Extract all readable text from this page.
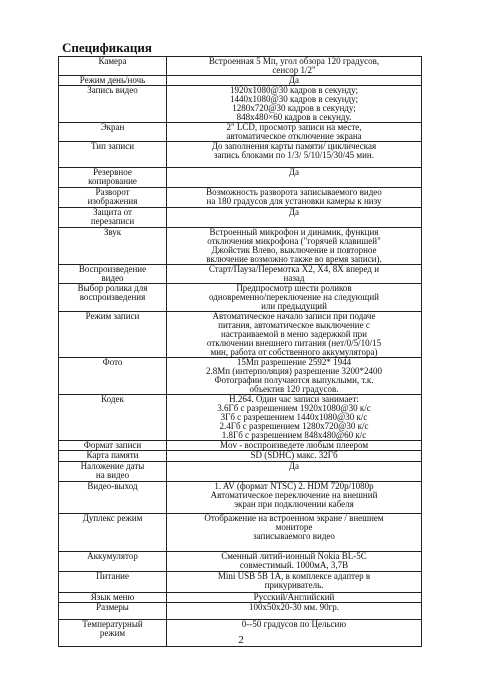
Спецификация
Камера	Встроенная 5 Мп, угол обзора 120 градусов,
сенсор 1/2"
Режим день/ночь	Да
Запись видео	1920x1080@30 кадров в секунду;
1440x1080@30 кадров в секунду;
1280x720@30 кадров в секунду;
848x480×60 кадров в секунду.
Экран	2" LCD, просмотр записи на месте,
автоматическое отключение экрана
Тип записи	До заполнения карты памяти/ циклическая
запись блоками по 1/3/ 5/10/15/30/45 мин.
Резервное
копирование	Да
Разворот
изображения	Возможность разворота записываемого видео
на 180 градусов для установки камеры к низу
Защита от
перезаписи	Да
Звук	Встроенный микрофон и динамик, функция
отключения микрофона ("горячей клавишей"
Джойстик Влево, выключение и повторное
включение возможно также во время записи).
Воспроизведение
видео	Старт/Пауза/Перемотка X2, X4, 8X вперед и
назад
Выбор ролика для
воспроизведения	Предпросмотр шести роликов
одновременно/переключение на следующий
или предыдущий
Режим записи	Автоматическое начало записи при подаче
питания, автоматическое выключение с
настраиваемой в меню задержкой при
отключении внешнего питания (нет/0/5/10/15
мин, работа от собственного аккумулятора)
Фото	15Мп разрешение 2592* 1944
2.8Мп (интерполяция) разрешение 3200*2400
Фотографии получаются выпуклыми, т.к.
объектив 120 градусов.
Кодек	H.264. Один час записи занимает:
3.6Гб с разрешением 1920x1080@30 к/с
3Гб с разрешением 1440x1080@30 к/с
2.4Гб с разрешением 1280x720@30 к/с
1.8Гб с разрешением 848x480@60 к/с
Формат записи	Mov - воспроизведете любым плеером
Карта памяти	SD (SDHC) макс. 32Гб
Наложение даты
на видео	Да
Видео-выход	1. AV (формат NTSC) 2. HDM 720р/1080р
Автоматическое переключение на внешний
экран при подключении кабеля
Дуплекс режим	Отображение на встроенном экране / внешнем
мониторе
записываемого видео
Аккумулятор	Сменный литий-ионный Nokia BL-5C
совместимый. 1000мА, 3,7В
Питание	Mini USB 5В 1А, в комплексе адаптер в
прикуриватель.
Язык меню	Русский/Английский
Размеры	100x50x20-30 мм. 90гр.
Температурный
режим	0--50 градусов по Цельсию
2
